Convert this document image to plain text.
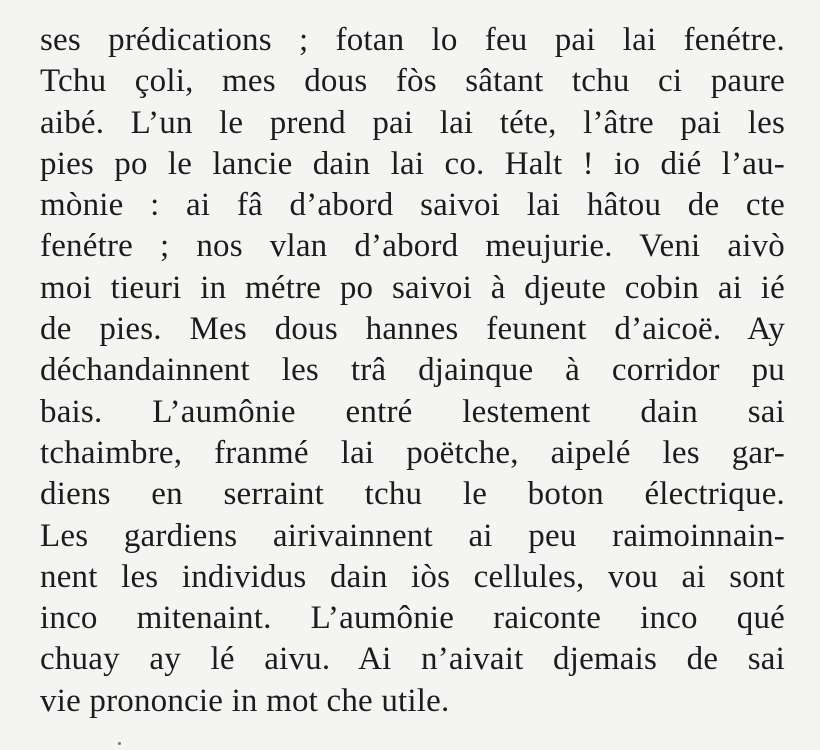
ses prédications ; fotan lo feu pai lai fenétre.
Tchu çoli, mes dous fòs sâtant tchu ci paure
aibé. L’un le prend pai lai téte, l’âtre pai les
pies po le lancie dain lai co. Halt ! io dié l’au-
mònie : ai fâ d’abord saivoi lai hâtou de cte
fenétre ; nos vlan d’abord meujurie. Veni aivò
moi tieuri in métre po saivoi à djeute cobin ai ié
de pies. Mes dous hannes feunent d’aicoë. Ay
déchandainnent les trâ djainque à corridor pu
bais. L’aumônie entré lestement dain sai
tchaimbre, franmé lai poëtche, aipelé les gar-
diens en serraint tchu le boton électrique.
Les gardiens airivainnent ai peu raimoinnain-
nent les individus dain iòs cellules, vou ai sont
inco mitenaint. L’aumônie raiconte inco qué
chuay ay lé aivu. Ai n’aivait djemais de sai
vie prononcie in mot che utile.
